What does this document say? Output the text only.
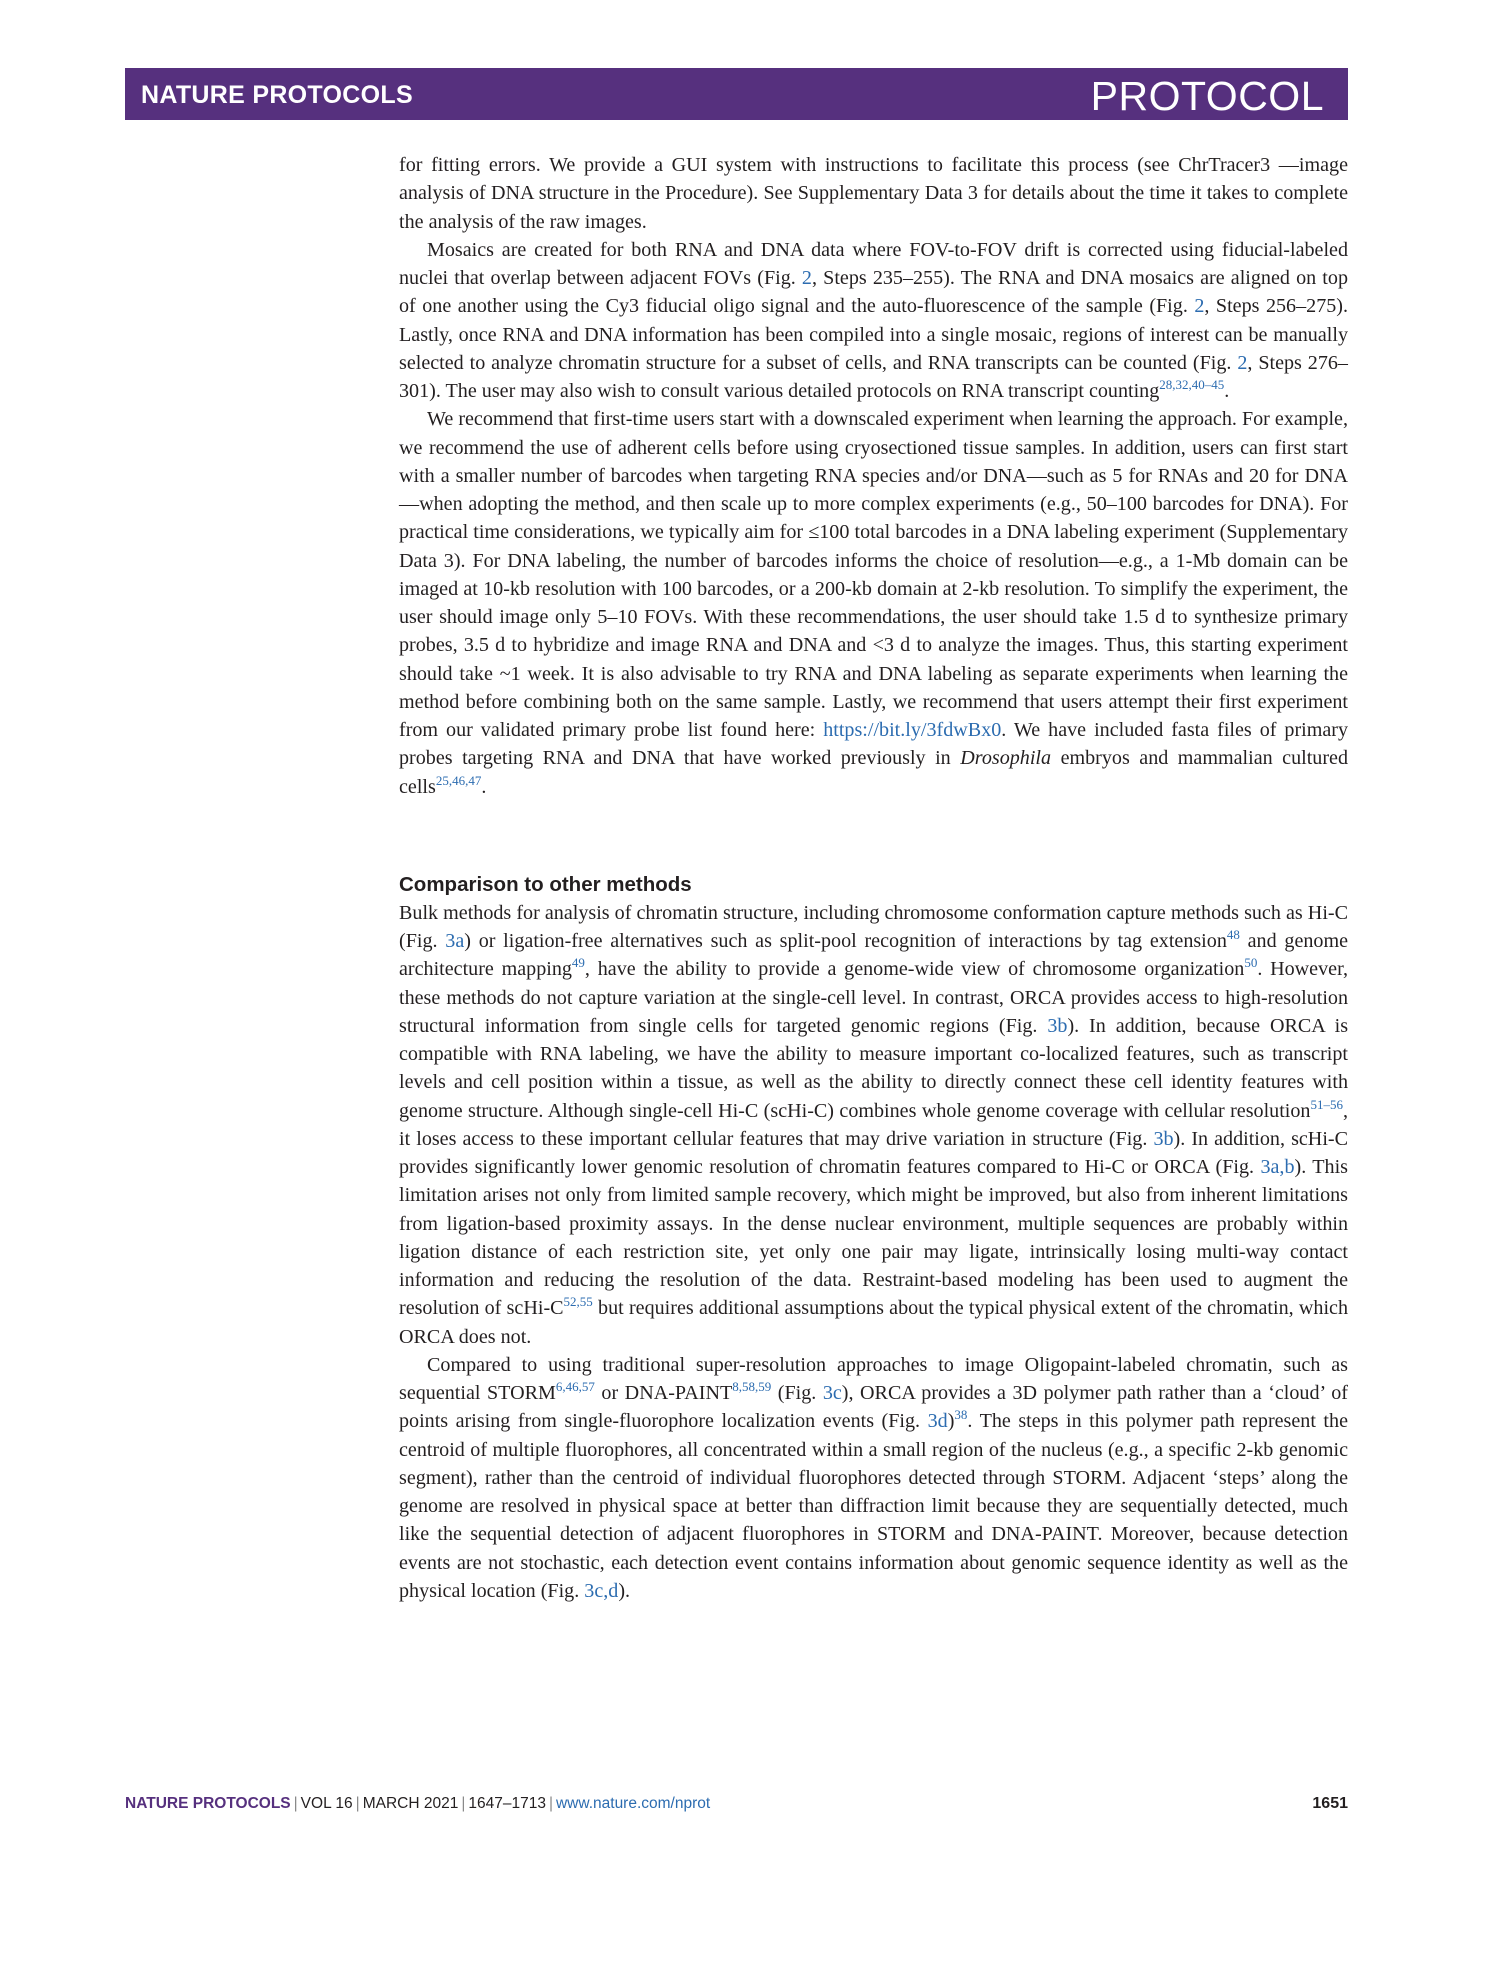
NATURE PROTOCOLS	PROTOCOL

for fitting errors. We provide a GUI system with instructions to facilitate this process (see ChrTracer3 —image analysis of DNA structure in the Procedure). See Supplementary Data 3 for details about the time it takes to complete the analysis of the raw images.

Mosaics are created for both RNA and DNA data where FOV-to-FOV drift is corrected using fiducial-labeled nuclei that overlap between adjacent FOVs (Fig. 2, Steps 235–255). The RNA and DNA mosaics are aligned on top of one another using the Cy3 fiducial oligo signal and the auto-fluorescence of the sample (Fig. 2, Steps 256–275). Lastly, once RNA and DNA information has been compiled into a single mosaic, regions of interest can be manually selected to analyze chromatin structure for a subset of cells, and RNA transcripts can be counted (Fig. 2, Steps 276–301). The user may also wish to consult various detailed protocols on RNA transcript counting$^{28,32,40-45}$.

We recommend that first-time users start with a downscaled experiment when learning the approach. For example, we recommend the use of adherent cells before using cryosectioned tissue samples. In addition, users can first start with a smaller number of barcodes when targeting RNA species and/or DNA—such as 5 for RNAs and 20 for DNA—when adopting the method, and then scale up to more complex experiments (e.g., 50–100 barcodes for DNA). For practical time considerations, we typically aim for ≤100 total barcodes in a DNA labeling experiment (Supplementary Data 3). For DNA labeling, the number of barcodes informs the choice of resolution—e.g., a 1-Mb domain can be imaged at 10-kb resolution with 100 barcodes, or a 200-kb domain at 2-kb resolution. To simplify the experiment, the user should image only 5–10 FOVs. With these recommendations, the user should take 1.5 d to synthesize primary probes, 3.5 d to hybridize and image RNA and DNA and <3 d to analyze the images. Thus, this starting experiment should take ~1 week. It is also advisable to try RNA and DNA labeling as separate experiments when learning the method before combining both on the same sample. Lastly, we recommend that users attempt their first experiment from our validated primary probe list found here: https://bit.ly/3fdwBx0. We have included fasta files of primary probes targeting RNA and DNA that have worked previously in Drosophila embryos and mammalian cultured cells$^{25,46,47}$.

Comparison to other methods

Bulk methods for analysis of chromatin structure, including chromosome conformation capture methods such as Hi-C (Fig. 3a) or ligation-free alternatives such as split-pool recognition of interactions by tag extension$^{48}$ and genome architecture mapping$^{49}$, have the ability to provide a genome-wide view of chromosome organization$^{50}$. However, these methods do not capture variation at the single-cell level. In contrast, ORCA provides access to high-resolution structural information from single cells for targeted genomic regions (Fig. 3b). In addition, because ORCA is compatible with RNA labeling, we have the ability to measure important co-localized features, such as transcript levels and cell position within a tissue, as well as the ability to directly connect these cell identity features with genome structure. Although single-cell Hi-C (scHi-C) combines whole genome coverage with cellular resolution$^{51-56}$, it loses access to these important cellular features that may drive variation in structure (Fig. 3b). In addition, scHi-C provides significantly lower genomic resolution of chromatin features compared to Hi-C or ORCA (Fig. 3a,b). This limitation arises not only from limited sample recovery, which might be improved, but also from inherent limitations from ligation-based proximity assays. In the dense nuclear environment, multiple sequences are probably within ligation distance of each restriction site, yet only one pair may ligate, intrinsically losing multi-way contact information and reducing the resolution of the data. Restraint-based modeling has been used to augment the resolution of scHi-C$^{52,55}$ but requires additional assumptions about the typical physical extent of the chromatin, which ORCA does not.

Compared to using traditional super-resolution approaches to image Oligopaint-labeled chromatin, such as sequential STORM$^{6,46,57}$ or DNA-PAINT$^{8,58,59}$ (Fig. 3c), ORCA provides a 3D polymer path rather than a ‘cloud’ of points arising from single-fluorophore localization events (Fig. 3d)$^{38}$. The steps in this polymer path represent the centroid of multiple fluorophores, all concentrated within a small region of the nucleus (e.g., a specific 2-kb genomic segment), rather than the centroid of individual fluorophores detected through STORM. Adjacent ‘steps’ along the genome are resolved in physical space at better than diffraction limit because they are sequentially detected, much like the sequential detection of adjacent fluorophores in STORM and DNA-PAINT. Moreover, because detection events are not stochastic, each detection event contains information about genomic sequence identity as well as the physical location (Fig. 3c,d).

NATURE PROTOCOLS | VOL 16 | MARCH 2021 | 1647–1713 | www.nature.com/nprot	1651
